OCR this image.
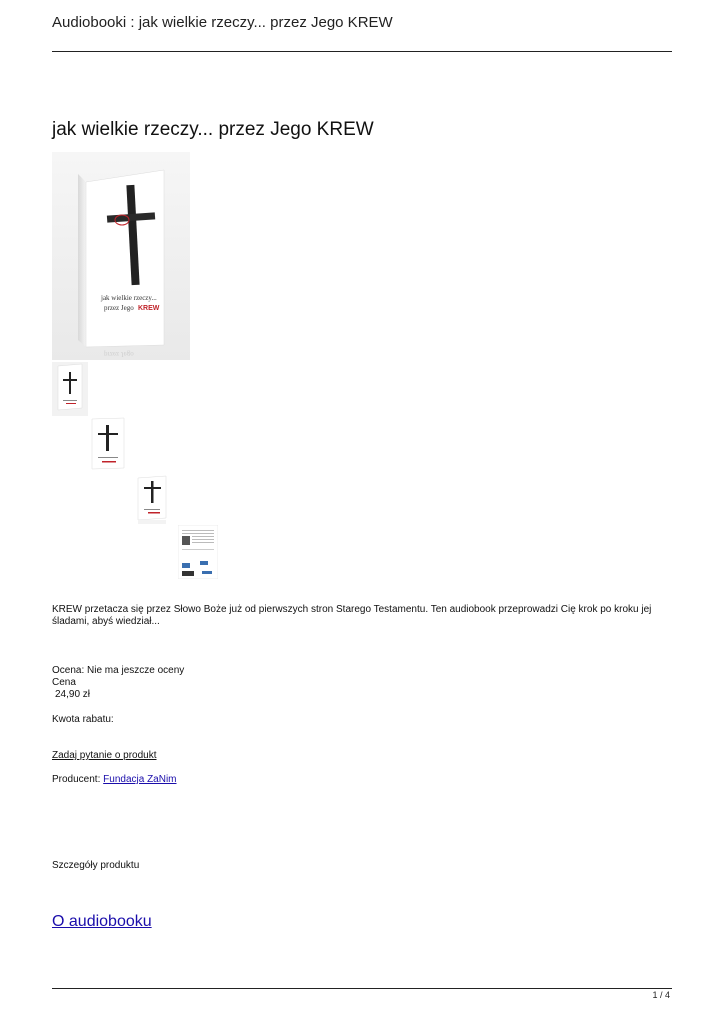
Audiobooki : jak wielkie rzeczy... przez Jego KREW
jak wielkie rzeczy... przez Jego KREW
jak wielkie rzeczy...
przez Jego KREW
przez Jego
KREW przetacza się przez Słowo Boże już od pierwszych stron Starego Testamentu. Ten audiobook przeprowadzi Cię krok po kroku jej śladami, abyś wiedział...
Ocena: Nie ma jeszcze oceny
Cena
24,90 zł
Kwota rabatu:
Zadaj pytanie o produkt
Producent: Fundacja ZaNim
Szczegóły produktu
O audiobooku
1 / 4
